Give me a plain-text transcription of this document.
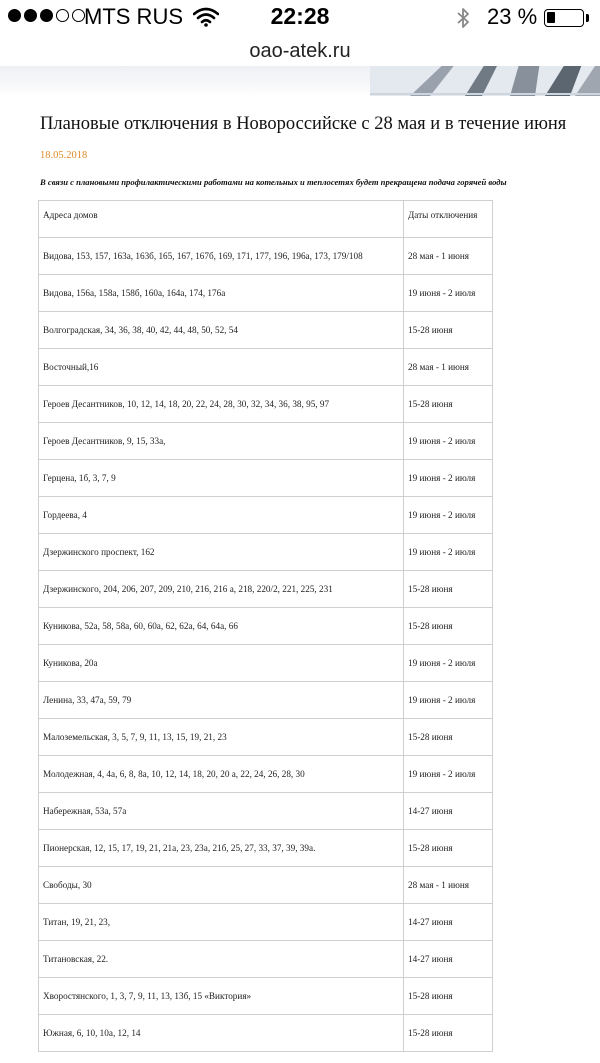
MTS RUS	22:28	23 %
oao-atek.ru
Плановые отключения в Новороссийске с 28 мая и в течение июня
18.05.2018
В связи с плановыми профилактическими работами на котельных и теплосетях будет прекращена подача горячей воды
Адреса домов	Даты отключения
Видова, 153, 157, 163а, 163б, 165, 167, 167б, 169, 171, 177, 196, 196а, 173, 179/108	28 мая - 1 июня
Видова, 156а, 158а, 158б, 160а, 164а, 174, 176а	19 июня - 2 июля
Волгоградская, 34, 36, 38, 40, 42, 44, 48, 50, 52, 54	15-28 июня
Восточный,16	28 мая - 1 июня
Героев Десантников, 10, 12, 14, 18, 20, 22, 24, 28, 30, 32, 34, 36, 38, 95, 97	15-28 июня
Героев Десантников, 9, 15, 33а,	19 июня - 2 июля
Герцена, 1б, 3, 7, 9	19 июня - 2 июля
Гордеева, 4	19 июня - 2 июля
Дзержинского проспект, 162	19 июня - 2 июля
Дзержинского, 204, 206, 207, 209, 210, 216, 216 а, 218, 220/2, 221, 225, 231	15-28 июня
Куникова, 52а, 58, 58а, 60, 60а, 62, 62а, 64, 64а, 66	15-28 июня
Куникова, 20а	19 июня - 2 июля
Ленина, 33, 47а, 59, 79	19 июня - 2 июля
Малоземельская, 3, 5, 7, 9, 11, 13, 15, 19, 21, 23	15-28 июня
Молодежная, 4, 4а, 6, 8, 8а, 10, 12, 14, 18, 20, 20 а, 22, 24, 26, 28, 30	19 июня - 2 июля
Набережная, 53а, 57а	14-27 июня
Пионерская, 12, 15, 17, 19, 21, 21а, 23, 23а, 21б, 25, 27, 33, 37, 39, 39а.	15-28 июня
Свободы, 30	28 мая - 1 июня
Титан, 19, 21, 23,	14-27 июня
Титановская, 22.	14-27 июня
Хворостянского, 1, 3, 7, 9, 11, 13, 13б, 15 «Виктория»	15-28 июня
Южная, 6, 10, 10а, 12, 14	15-28 июня
